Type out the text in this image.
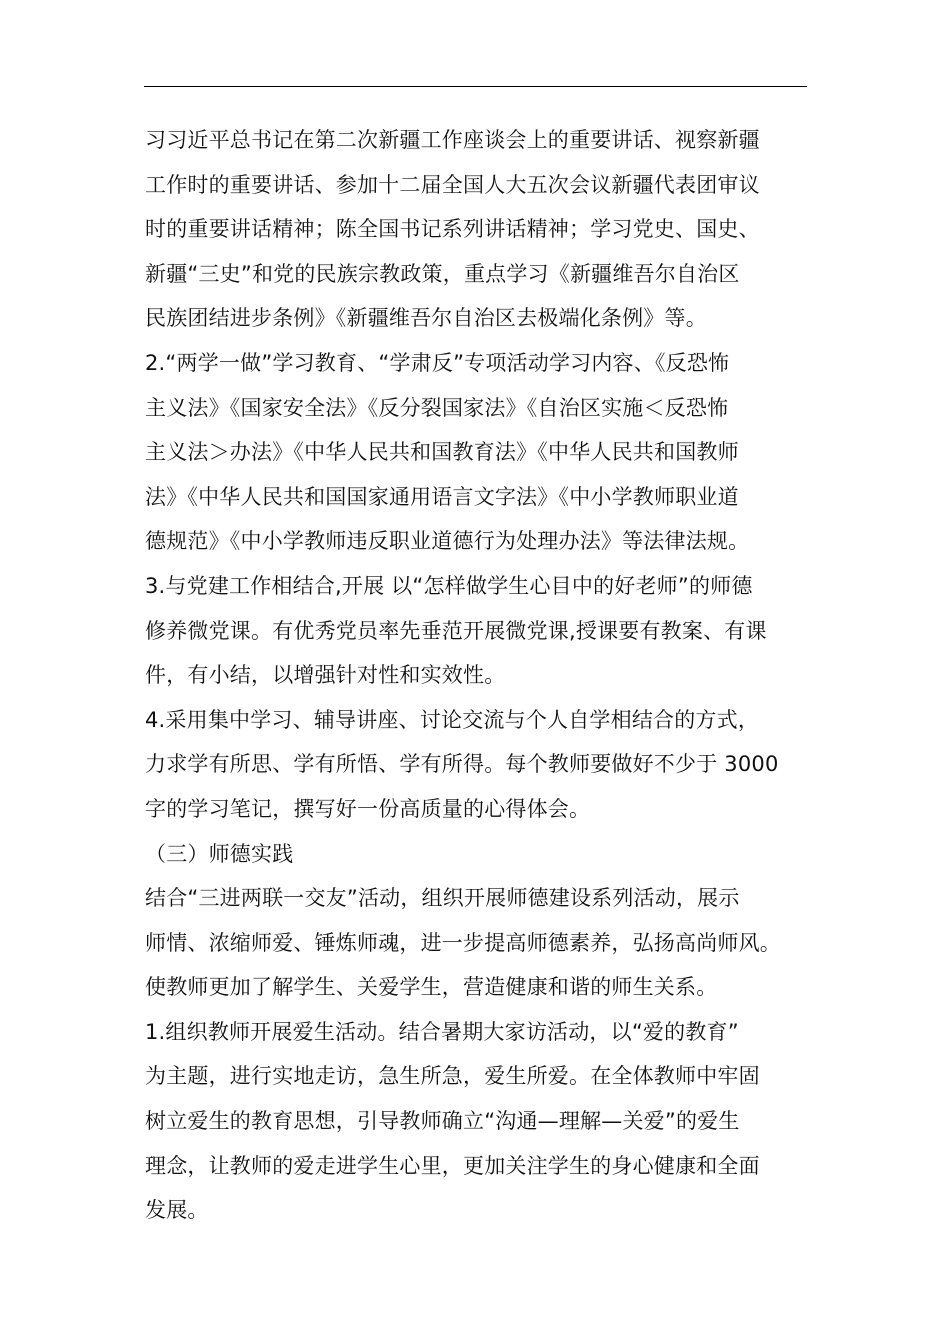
习习近平总书记在第二次新疆工作座谈会上的重要讲话、视察新疆
工作时的重要讲话、参加十二届全国人大五次会议新疆代表团审议
时的重要讲话精神；陈全国书记系列讲话精神；学习党史、国史、
新疆“三史”和党的民族宗教政策，重点学习《新疆维吾尔自治区
民族团结进步条例》《新疆维吾尔自治区去极端化条例》等。
2.“两学一做”学习教育、“学肃反”专项活动学习内容、《反恐怖
主义法》《国家安全法》《反分裂国家法》《自治区实施＜反恐怖
主义法＞办法》《中华人民共和国教育法》《中华人民共和国教师
法》《中华人民共和国国家通用语言文字法》《中小学教师职业道
德规范》《中小学教师违反职业道德行为处理办法》等法律法规。
3.与党建工作相结合,开展 以“怎样做学生心目中的好老师”的师德
修养微党课。有优秀党员率先垂范开展微党课,授课要有教案、有课
件，有小结，以增强针对性和实效性。
4.采用集中学习、辅导讲座、讨论交流与个人自学相结合的方式，
力求学有所思、学有所悟、学有所得。每个教师要做好不少于 3000
字的学习笔记，撰写好一份高质量的心得体会。
（三）师德实践
结合“三进两联一交友”活动，组织开展师德建设系列活动，展示
师情、浓缩师爱、锤炼师魂，进一步提高师德素养，弘扬高尚师风。
使教师更加了解学生、关爱学生，营造健康和谐的师生关系。
1.组织教师开展爱生活动。结合暑期大家访活动，以“爱的教育”
为主题，进行实地走访，急生所急，爱生所爱。在全体教师中牢固
树立爱生的教育思想，引导教师确立“沟通—理解—关爱”的爱生
理念，让教师的爱走进学生心里，更加关注学生的身心健康和全面
发展。
